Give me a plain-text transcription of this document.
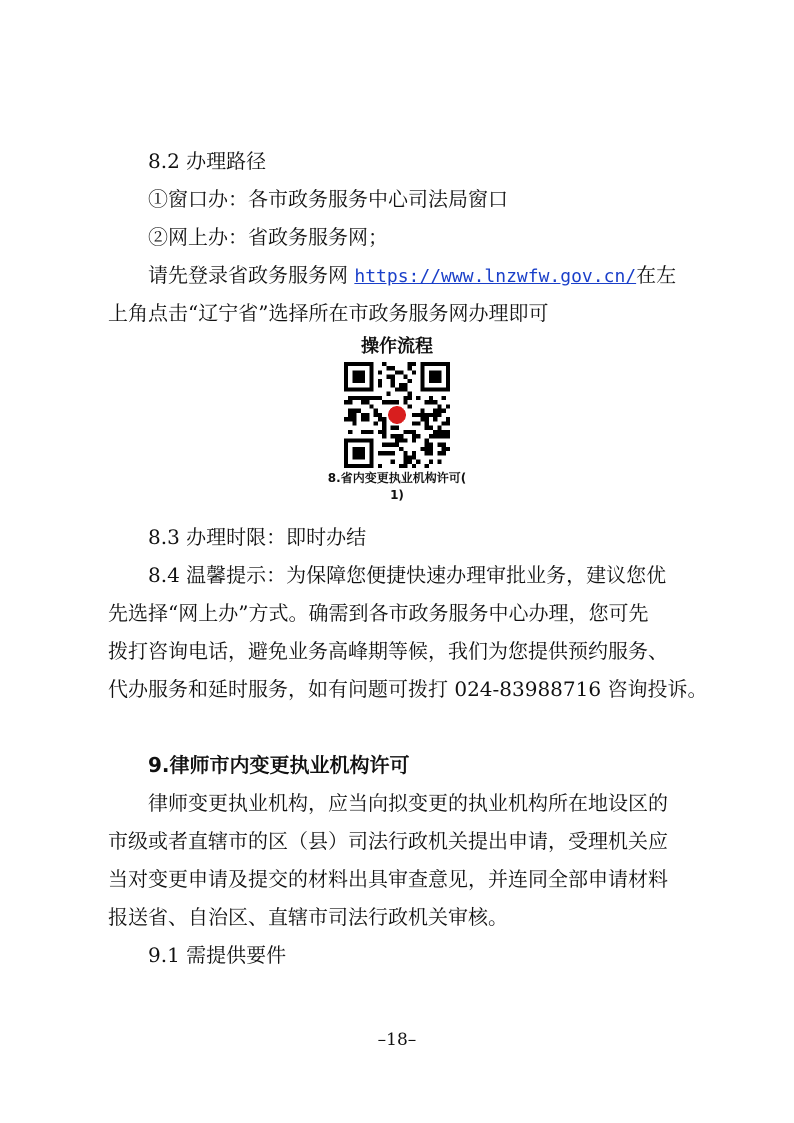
8.2 办理路径

①窗口办：各市政务服务中心司法局窗口

②网上办：省政务服务网；

请先登录省政务服务网 https://www.lnzwfw.gov.cn/在左

上角点击“辽宁省”选择所在市政务服务网办理即可

操作流程
8.省内变更执业机构许可(
1)

8.3 办理时限：即时办结

8.4 温馨提示：为保障您便捷快速办理审批业务，建议您优

先选择“网上办”方式。确需到各市政务服务中心办理，您可先

拨打咨询电话，避免业务高峰期等候，我们为您提供预约服务、

代办服务和延时服务，如有问题可拨打 024-83988716 咨询投诉。

9.律师市内变更执业机构许可

律师变更执业机构，应当向拟变更的执业机构所在地设区的

市级或者直辖市的区（县）司法行政机关提出申请，受理机关应

当对变更申请及提交的材料出具审查意见，并连同全部申请材料

报送省、自治区、直辖市司法行政机关审核。

9.1 需提供要件

–18–
